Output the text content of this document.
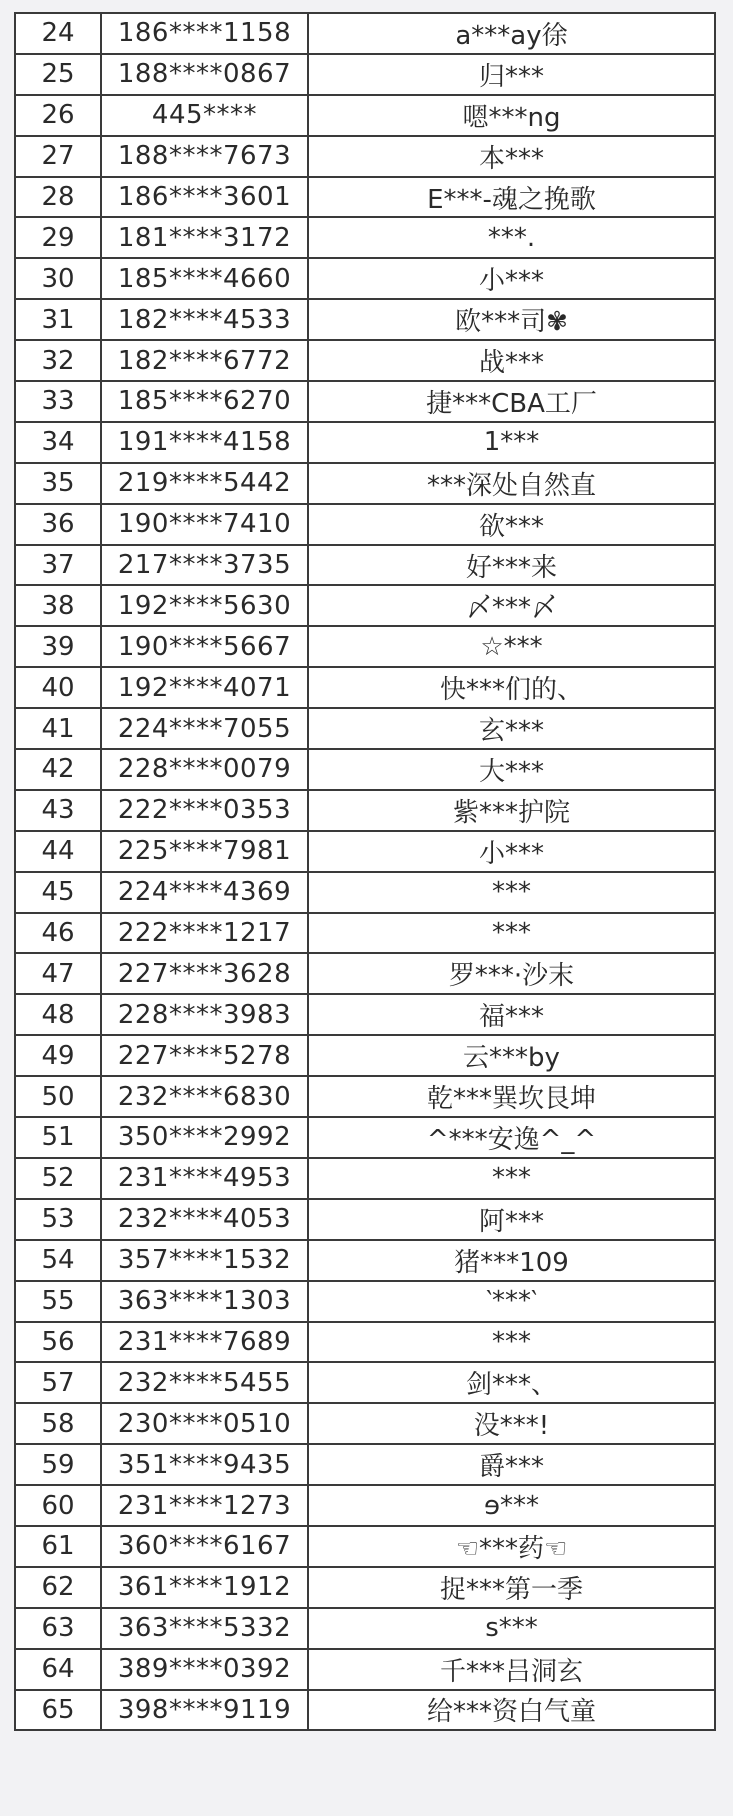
24	186****1158	a***ay徐
25	188****0867	归***
26	445****	嗯***ng
27	188****7673	本***
28	186****3601	E***-魂之挽歌
29	181****3172	***.
30	185****4660	小***
31	182****4533	欧***司✾
32	182****6772	战***
33	185****6270	捷***CBA工厂
34	191****4158	1***
35	219****5442	***深处自然直
36	190****7410	欲***
37	217****3735	好***来
38	192****5630	〆***〆
39	190****5667	☆***
40	192****4071	快***们的、
41	224****7055	玄***
42	228****0079	大***
43	222****0353	紫***护院
44	225****7981	小***
45	224****4369	***
46	222****1217	***
47	227****3628	罗***·沙末
48	228****3983	福***
49	227****5278	云***by
50	232****6830	乾***巽坎艮坤
51	350****2992	^***安逸^_^
52	231****4953	***
53	232****4053	阿***
54	357****1532	猪***109
55	363****1303	‵***‵
56	231****7689	***
57	232****5455	剑***、
58	230****0510	没***!
59	351****9435	爵***
60	231****1273	ɘ***
61	360****6167	☜***药☜
62	361****1912	捉***第一季
63	363****5332	s***
64	389****0392	千***吕洞玄
65	398****9119	给***资白气童
